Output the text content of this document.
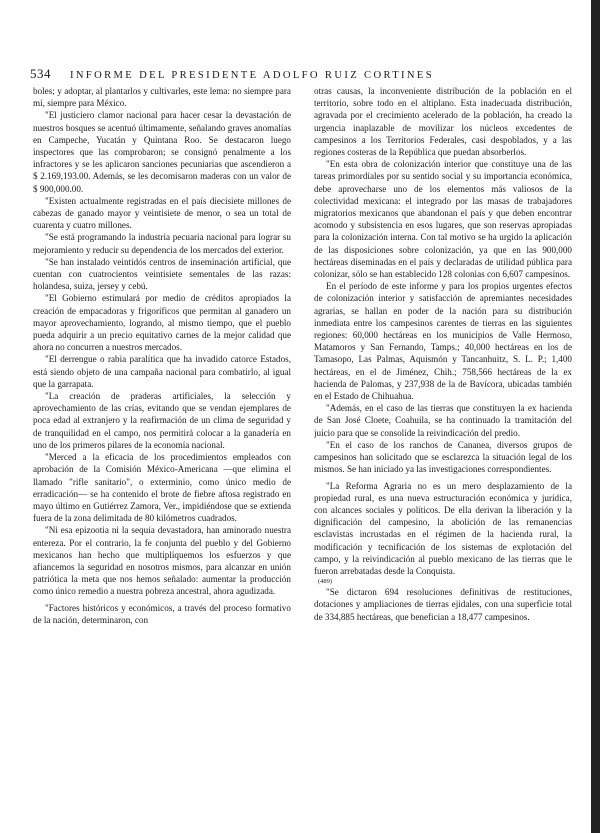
534	INFORME DEL PRESIDENTE ADOLFO RUIZ CORTINES

boles; y adoptar, al plantarlos y cultivarles, este lema: no siempre para mí, siempre para México.

"El justiciero clamor nacional para hacer cesar la devastación de nuestros bosques se acentuó últimamente, señalando graves anomalías en Campeche, Yucatán y Quintana Roo. Se destacaron luego inspectores que las comprobaron; se consignó penalmente a los infractores y se les aplicaron sanciones pecuniarias que ascendieron a $ 2.169,193.00. Además, se les decomisaron maderas con un valor de $ 900,000.00.

"Existen actualmente registradas en el país diecisiete millones de cabezas de ganado mayor y veintisiete de menor, o sea un total de cuarenta y cuatro millones.

"Se está programando la industria pecuaria nacional para lograr su mejoramiento y reducir su dependencia de los mercados del exterior.

"Se han instalado veintidós centros de inseminación artificial, que cuentan con cuatrocientos veintisiete sementales de las razas: holandesa, suiza, jersey y cebú.

"El Gobierno estimulará por medio de créditos apropiados la creación de empacadoras y frigoríficos que permitan al ganadero un mayor aprovechamiento, logrando, al mismo tiempo, que el pueblo pueda adquirir a un precio equitativo carnes de la mejor calidad que ahora no concurren a nuestros mercados.

"El derrengue o rabia paralítica que ha invadido catorce Estados, está siendo objeto de una campaña nacional para combatirlo, al igual que la garrapata.

"La creación de praderas artificiales, la selección y aprovechamiento de las crías, evitando que se vendan ejemplares de poca edad al extranjero y la reafirmación de un clima de seguridad y de tranquilidad en el campo, nos permitirá colocar a la ganadería en uno de los primeros pilares de la economía nacional.

"Merced a la eficacia de los procedimientos empleados con aprobación de la Comisión México-Americana —que elimina el llamado "rifle sanitario", o exterminio, como único medio de erradicación— se ha contenido el brote de fiebre aftosa registrado en mayo último en Gutiérrez Zamora, Ver., impidiéndose que se extienda fuera de la zona delimitada de 80 kilómetros cuadrados.

"Ni esa epizootia ni la sequía devastadora, han aminorado nuestra entereza. Por el contrario, la fe conjunta del pueblo y del Gobierno mexicanos han hecho que multipliquemos los esfuerzos y que afiancemos la seguridad en nosotros mismos, para alcanzar en unión patriótica la meta que nos hemos señalado: aumentar la producción como único remedio a nuestra pobreza ancestral, ahora agudizada.

"Factores históricos y económicos, a través del proceso formativo de la nación, determinaron, con

otras causas, la inconveniente distribución de la población en el territorio, sobre todo en el altiplano. Esta inadecuada distribución, agravada por el crecimiento acelerado de la población, ha creado la urgencia inaplazable de movilizar los núcleos excedentes de campesinos a los Territorios Federales, casi despoblados, y a las regiones costeras de la República que puedan absorberlos.

"En esta obra de colonización interior que constituye una de las tareas primordiales por su sentido social y su importancia económica, debe aprovecharse uno de los elementos más valiosos de la colectividad mexicana: el integrado por las masas de trabajadores migratorios mexicanos que abandonan el país y que deben encontrar acomodo y subsistencia en esos lugares, que son reservas apropiadas para la colonización interna. Con tal motivo se ha urgido la aplicación de las disposiciones sobre colonización, ya que en las 900,000 hectáreas diseminadas en el país y declaradas de utilidad pública para colonizar, sólo se han establecido 128 colonias con 6,607 campesinos.

En el período de este informe y para los propios urgentes efectos de colonización interior y satisfacción de apremiantes necesidades agrarias, se hallan en poder de la nación para su distribución inmediata entre los campesinos carentes de tierras en las siguientes regiones: 60,000 hectáreas en los municipios de Valle Hermoso, Matamoros y San Fernando, Tamps.; 40,000 hectáreas en los de Tamasopo, Las Palmas, Aquismón y Tancanhuitz, S. L. P.; 1,400 hectáreas, en el de Jiménez, Chih.; 758,566 hectáreas de la ex hacienda de Palomas, y 237,938 de la de Bavícora, ubicadas también en el Estado de Chihuahua.

"Además, en el caso de las tierras que constituyen la ex hacienda de San José Cloete, Coahuila, se ha continuado la tramitación del juicio para que se consolide la reivindicación del predio.

"En el caso de los ranchos de Cananea, diversos grupos de campesinos han solicitado que se esclarezca la situación legal de los mismos. Se han iniciado ya las investigaciones correspondientes.

"La Reforma Agraria no es un mero desplazamiento de la propiedad rural, es una nueva estructuración económica y jurídica, con alcances sociales y políticos. De ella derivan la liberación y la dignificación del campesino, la abolición de las remanencias esclavistas incrustadas en el régimen de la hacienda rural, la modificación y tecnificación de los sistemas de explotación del campo, y la reivindicación al pueblo mexicano de las tierras que le fueron arrebatadas desde la Conquista.

(489)

"Se dictaron 694 resoluciones definitivas de restituciones, dotaciones y ampliaciones de tierras ejidales, con una superficie total de 334,885 hectáreas, que benefician a 18,477 campesinos.
